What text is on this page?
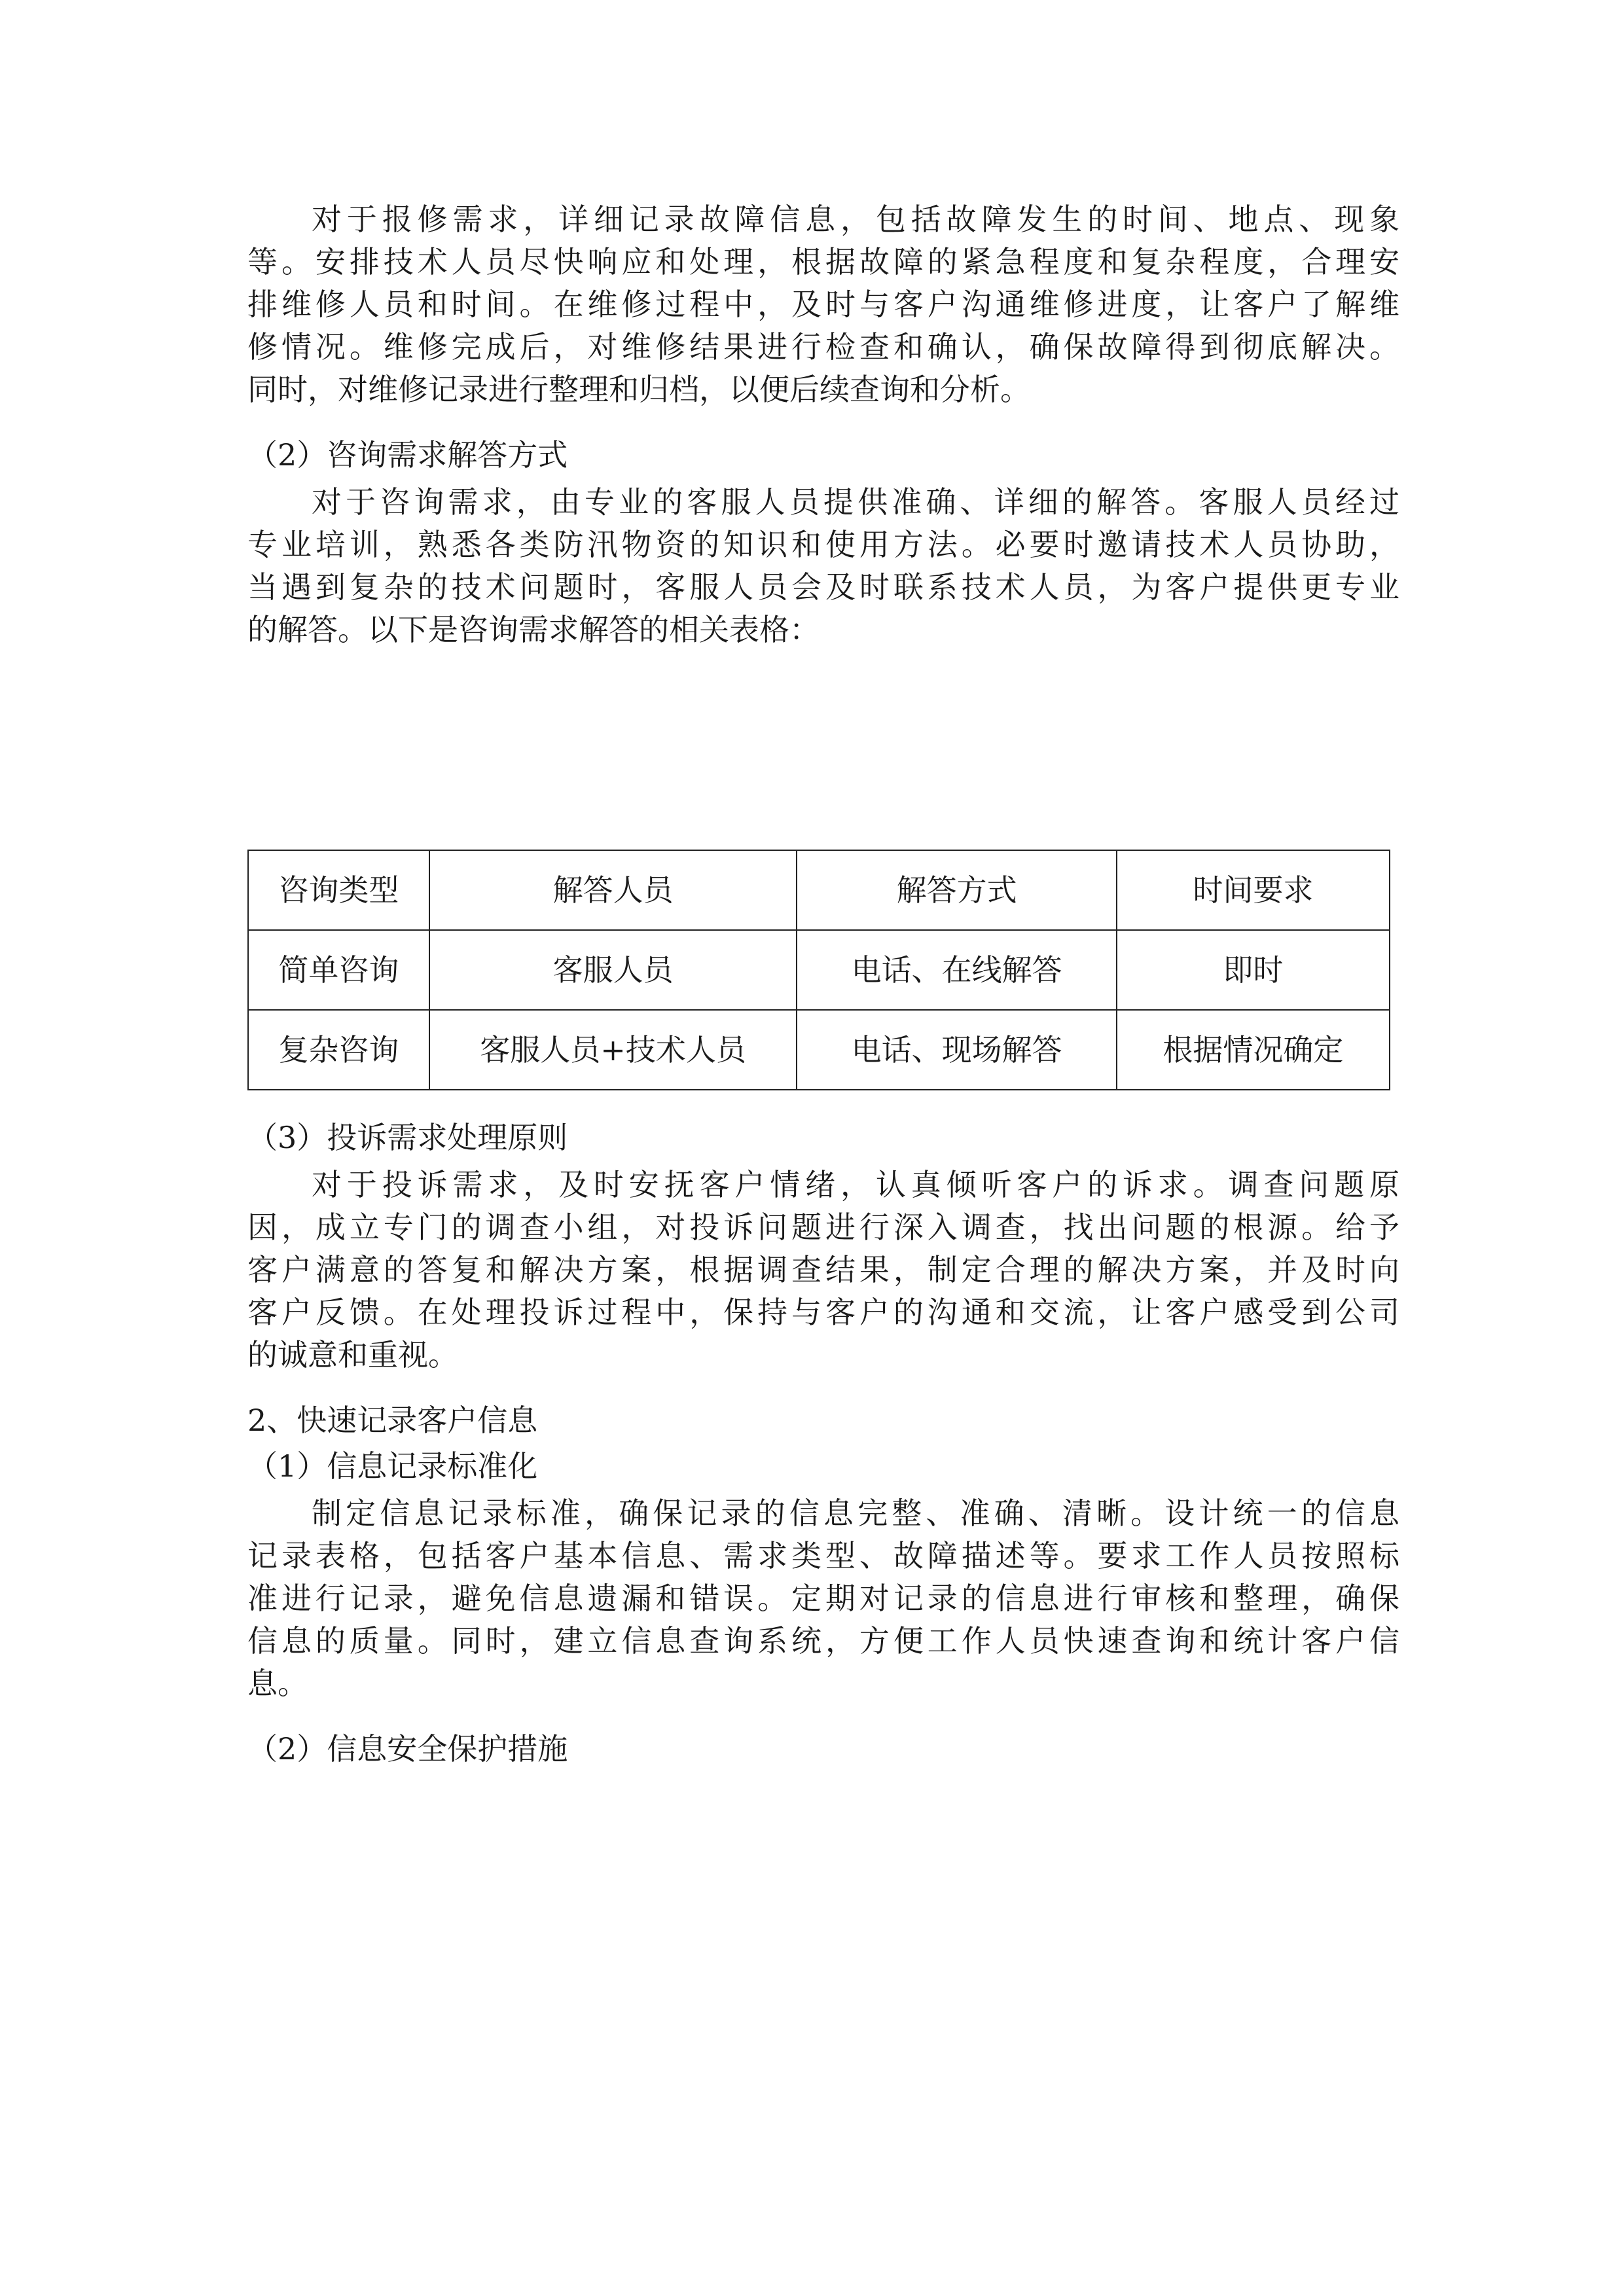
对于报修需求，详细记录故障信息，包括故障发生的时间、地点、现象
等。安排技术人员尽快响应和处理，根据故障的紧急程度和复杂程度，合理安
排维修人员和时间。在维修过程中，及时与客户沟通维修进度，让客户了解维
修情况。维修完成后，对维修结果进行检查和确认，确保故障得到彻底解决。
同时，对维修记录进行整理和归档，以便后续查询和分析。
（2）咨询需求解答方式
对于咨询需求，由专业的客服人员提供准确、详细的解答。客服人员经过
专业培训，熟悉各类防汛物资的知识和使用方法。必要时邀请技术人员协助，
当遇到复杂的技术问题时，客服人员会及时联系技术人员，为客户提供更专业
的解答。以下是咨询需求解答的相关表格：
咨询类型	解答人员	解答方式	时间要求
简单咨询	客服人员	电话、在线解答	即时
复杂咨询	客服人员+技术人员	电话、现场解答	根据情况确定
（3）投诉需求处理原则
对于投诉需求，及时安抚客户情绪，认真倾听客户的诉求。调查问题原
因，成立专门的调查小组，对投诉问题进行深入调查，找出问题的根源。给予
客户满意的答复和解决方案，根据调查结果，制定合理的解决方案，并及时向
客户反馈。在处理投诉过程中，保持与客户的沟通和交流，让客户感受到公司
的诚意和重视。
2、快速记录客户信息
（1）信息记录标准化
制定信息记录标准，确保记录的信息完整、准确、清晰。设计统一的信息
记录表格，包括客户基本信息、需求类型、故障描述等。要求工作人员按照标
准进行记录，避免信息遗漏和错误。定期对记录的信息进行审核和整理，确保
信息的质量。同时，建立信息查询系统，方便工作人员快速查询和统计客户信
息。
（2）信息安全保护措施
